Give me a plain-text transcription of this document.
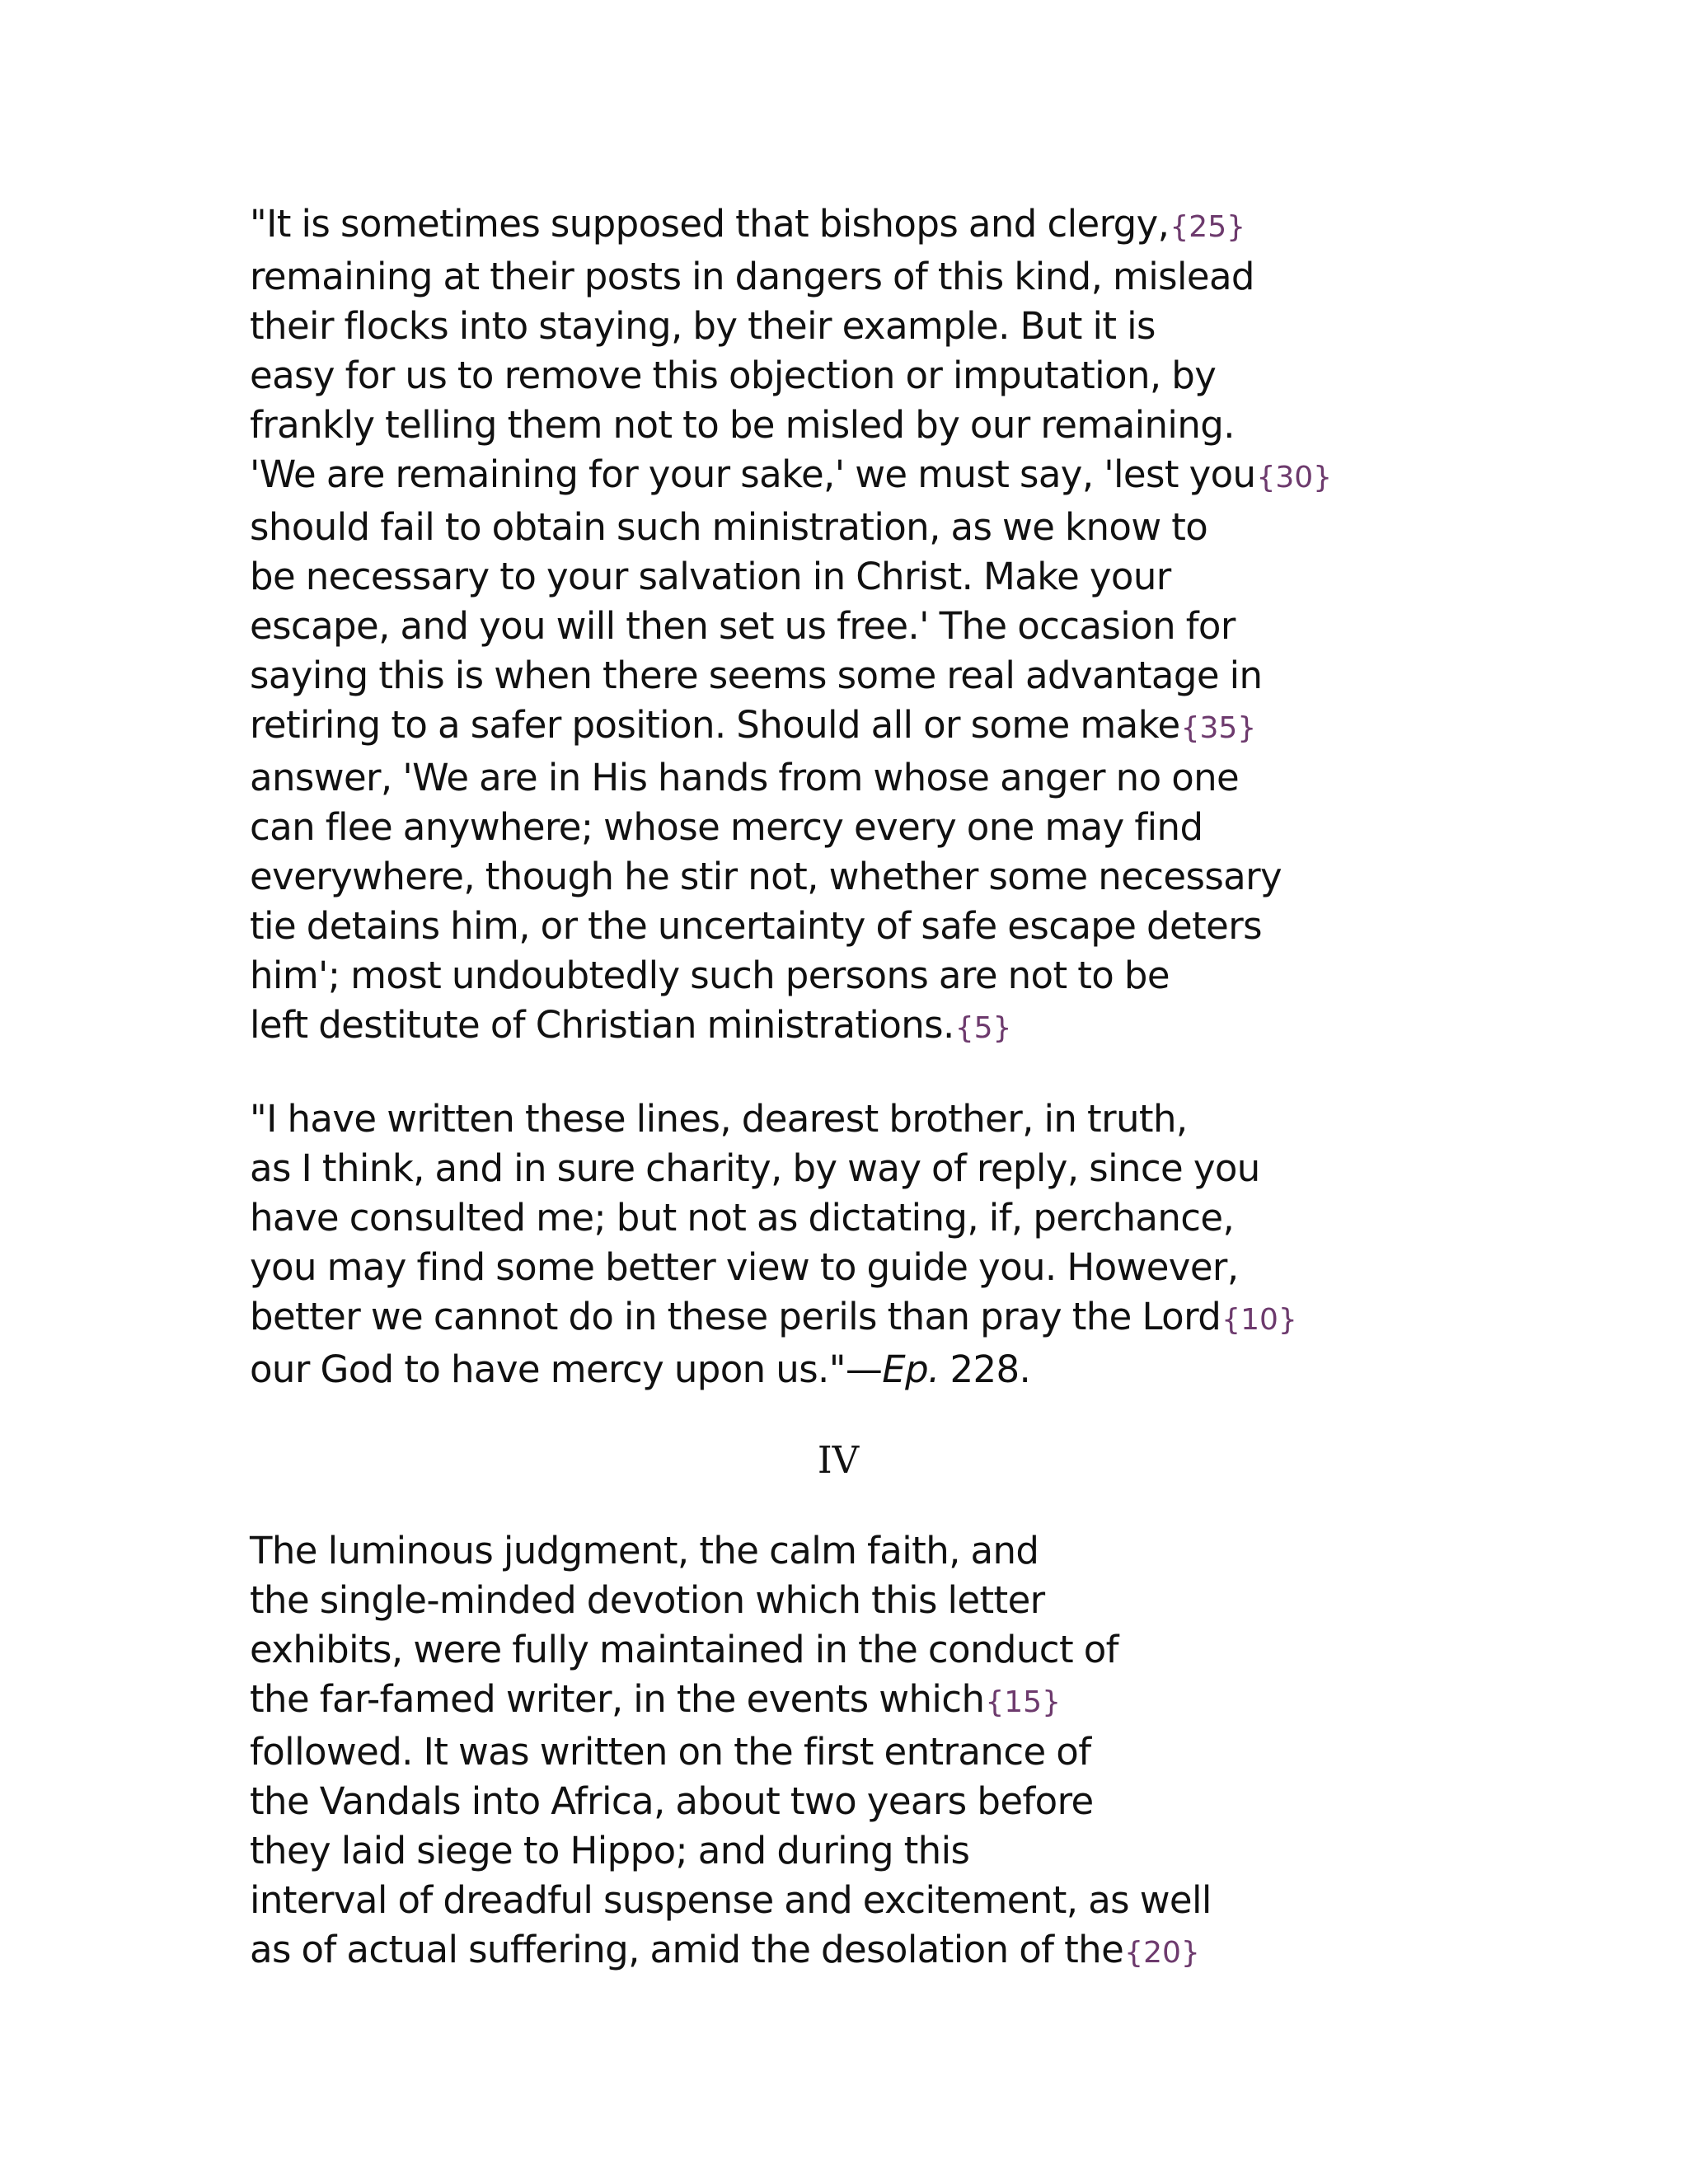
"It is sometimes supposed that bishops and clergy,{25}
remaining at their posts in dangers of this kind, mislead
their flocks into staying, by their example. But it is
easy for us to remove this objection or imputation, by
frankly telling them not to be misled by our remaining.
'We are remaining for your sake,' we must say, 'lest you{30}
should fail to obtain such ministration, as we know to
be necessary to your salvation in Christ. Make your
escape, and you will then set us free.' The occasion for
saying this is when there seems some real advantage in
retiring to a safer position. Should all or some make{35}
answer, 'We are in His hands from whose anger no one
can flee anywhere; whose mercy every one may find
everywhere, though he stir not, whether some necessary
tie detains him, or the uncertainty of safe escape deters
him'; most undoubtedly such persons are not to be
left destitute of Christian ministrations.{5}
"I have written these lines, dearest brother, in truth,
as I think, and in sure charity, by way of reply, since you
have consulted me; but not as dictating, if, perchance,
you may find some better view to guide you. However,
better we cannot do in these perils than pray the Lord{10}
our God to have mercy upon us."—Ep. 228.
IV
The luminous judgment, the calm faith, and
the single-minded devotion which this letter
exhibits, were fully maintained in the conduct of
the far-famed writer, in the events which{15}
followed. It was written on the first entrance of
the Vandals into Africa, about two years before
they laid siege to Hippo; and during this
interval of dreadful suspense and excitement, as well
as of actual suffering, amid the desolation of the{20}
